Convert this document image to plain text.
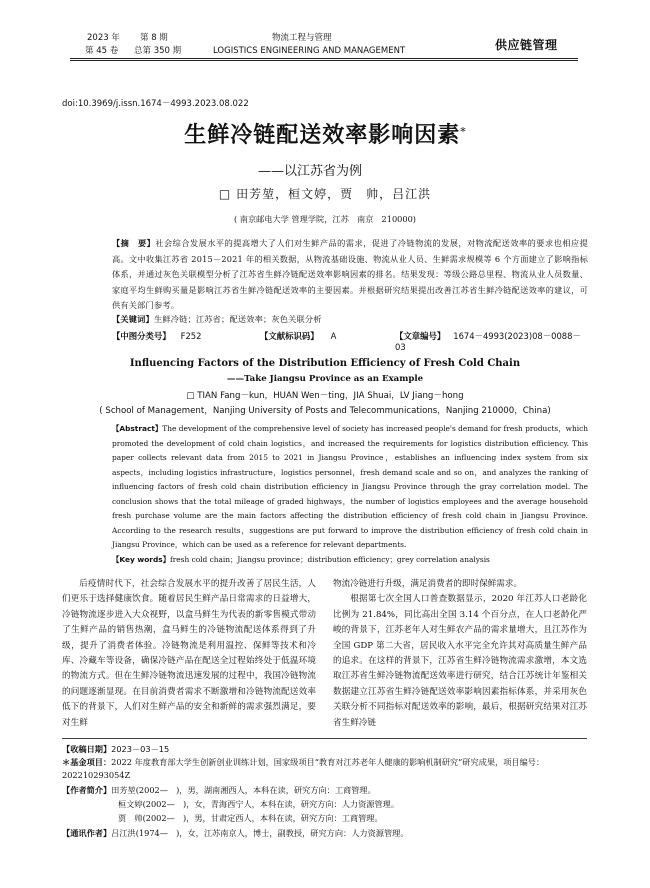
2023 年 第 8 期
第 45 卷 总第 350 期
物流工程与管理
LOGISTICS ENGINEERING AND MANAGEMENT	供应链管理
doi:10.3969/j.issn.1674－4993.2023.08.022
生鲜冷链配送效率影响因素*
——以江苏省为例
□ 田芳堃，桓文婷，贾　帅，吕江洪
( 南京邮电大学 管理学院，江苏　南京　210000)
【摘　要】社会综合发展水平的提高增大了人们对生鲜产品的需求，促进了冷链物流的发展，对物流配送效率的要求也相应提高。文中收集江苏省 2015－2021 年的相关数据，从物流基础设施、物流从业人员、生鲜需求规模等 6 个方面建立了影响指标体系，并通过灰色关联模型分析了江苏省生鲜冷链配送效率影响因素的排名。结果发现：等级公路总里程、物流从业人员数量、家庭平均生鲜购买量是影响江苏省生鲜冷链配送效率的主要因素。并根据研究结果提出改善江苏省生鲜冷链配送效率的建议，可供有关部门参考。
【关键词】生鲜冷链；江苏省；配送效率；灰色关联分析
【中图分类号】 F252	【文献标识码】 A	【文章编号】 1674－4993(2023)08－0088－03
Influencing Factors of the Distribution Efficiency of Fresh Cold Chain
——Take Jiangsu Province as an Example
□ TIAN Fang－kun，HUAN Wen－ting，JIA Shuai，LV Jiang－hong
( School of Management，Nanjing University of Posts and Telecommunications，Nanjing 210000，China)
【Abstract】The development of the comprehensive level of society has increased people's demand for fresh products，which promoted the development of cold chain logistics，and increased the requirements for logistics distribution efficiency. This paper collects relevant data from 2015 to 2021 in Jiangsu Province，establishes an influencing index system from six aspects，including logistics infrastructure，logistics personnel，fresh demand scale and so on，and analyzes the ranking of influencing factors of fresh cold chain distribution efficiency in Jiangsu Province through the gray correlation model. The conclusion shows that the total mileage of graded highways，the number of logistics employees and the average household fresh purchase volume are the main factors affecting the distribution efficiency of fresh cold chain in Jiangsu Province. According to the research results，suggestions are put forward to improve the distribution efficiency of fresh cold chain in Jiangsu Province，which can be used as a reference for relevant departments.
【Key words】fresh cold chain；Jiangsu province；distribution efficiency；grey correlation analysis

后疫情时代下，社会综合发展水平的提升改善了居民生活，人们更乐于选择健康饮食。随着居民生鲜产品日常需求的日益增大，冷链物流逐步进入大众视野，以盒马鲜生为代表的新零售模式带动了生鲜产品的销售热潮，盒马鲜生的冷链物流配送体系得到了升级，提升了消费者体验。冷链物流是利用温控、保鲜等技术和冷库、冷藏车等设备，确保冷链产品在配送全过程始终处于低温环境的物流方式。但在生鲜冷链物流迅速发展的过程中，我国冷链物流的问题逐渐显现。在目前消费者需求不断激增和冷链物流配送效率低下的背景下，人们对生鲜产品的安全和新鲜的需求强烈满足，要对生鲜

物流冷链进行升级，满足消费者的即时保鲜需求。

根据第七次全国人口普查数据显示，2020 年江苏人口老龄化比例为 21.84%，同比高出全国 3.14 个百分点，在人口老龄化严峻的背景下，江苏老年人对生鲜农产品的需求量增大，且江苏作为全国 GDP 第二大省，居民收入水平完全允许其对高质量生鲜产品的追求。在这样的背景下，江苏省生鲜冷链物流需求激增，本文选取江苏省生鲜冷链物流配送效率进行研究，结合江苏统计年鉴相关数据建立江苏省生鲜冷链配送效率影响因素指标体系，并采用灰色关联分析不同指标对配送效率的影响，最后，根据研究结果对江苏省生鲜冷链

【收稿日期】2023－03－15
＊基金项目：2022 年度教育部大学生创新创业训练计划，国家级项目“教育对江苏老年人健康的影响机制研究”研究成果，项目编号：202210293054Z
【作者简介】田芳堃(2002—　)，男，湖南湘西人，本科在读，研究方向：工商管理。
桓文婷(2002—　)，女，青海西宁人，本科在读，研究方向：人力资源管理。
贾　帅(2002—　)，男，甘肃定西人，本科在读，研究方向：工商管理。
【通讯作者】吕江洪(1974—　)，女，江苏南京人，博士，副教授，研究方向：人力资源管理。
